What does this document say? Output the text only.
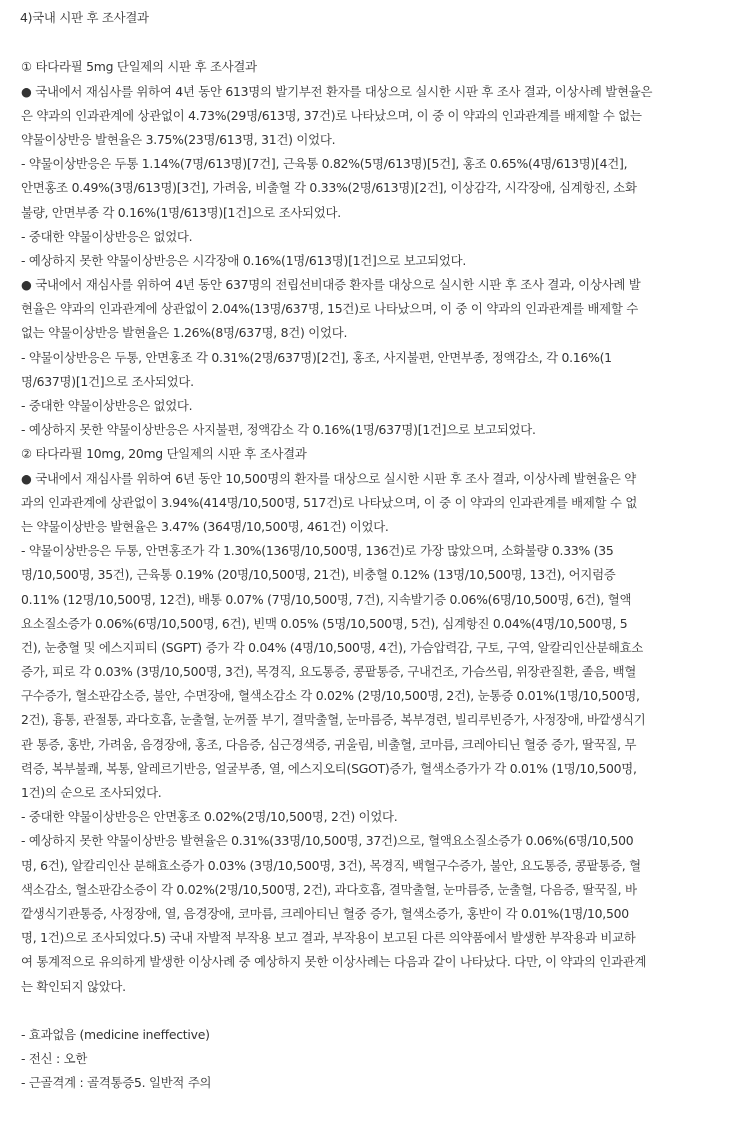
4)국내 시판 후 조사결과
① 타다라필 5mg 단일제의 시판 후 조사결과
● 국내에서 재심사를 위하여 4년 동안 613명의 발기부전 환자를 대상으로 실시한 시판 후 조사 결과, 이상사례 발현율은
은 약과의 인과관계에 상관없이 4.73%(29명/613명, 37건)로 나타났으며, 이 중 이 약과의 인과관계를 배제할 수 없는
약물이상반응 발현율은 3.75%(23명/613명, 31건) 이었다.
- 약물이상반응은 두통 1.14%(7명/613명)[7건], 근육통 0.82%(5명/613명)[5건], 홍조 0.65%(4명/613명)[4건],
안면홍조 0.49%(3명/613명)[3건], 가려움, 비출혈 각 0.33%(2명/613명)[2건], 이상감각, 시각장애, 심계항진, 소화
불량, 안면부종 각 0.16%(1명/613명)[1건]으로 조사되었다.
- 중대한 약물이상반응은 없었다.
- 예상하지 못한 약물이상반응은 시각장애 0.16%(1명/613명)[1건]으로 보고되었다.
● 국내에서 재심사를 위하여 4년 동안 637명의 전립선비대증 환자를 대상으로 실시한 시판 후 조사 결과, 이상사례 발
현율은 약과의 인과관계에 상관없이 2.04%(13명/637명, 15건)로 나타났으며, 이 중 이 약과의 인과관계를 배제할 수
없는 약물이상반응 발현율은 1.26%(8명/637명, 8건) 이었다.
- 약물이상반응은 두통, 안면홍조 각 0.31%(2명/637명)[2건], 홍조, 사지불편, 안면부종, 정액감소, 각 0.16%(1
명/637명)[1건]으로 조사되었다.
- 중대한 약물이상반응은 없었다.
- 예상하지 못한 약물이상반응은 사지불편, 정액감소 각 0.16%(1명/637명)[1건]으로 보고되었다.
② 타다라필 10mg, 20mg 단일제의 시판 후 조사결과
● 국내에서 재심사를 위하여 6년 동안 10,500명의 환자를 대상으로 실시한 시판 후 조사 결과, 이상사례 발현율은 약
과의 인과관계에 상관없이 3.94%(414명/10,500명, 517건)로 나타났으며, 이 중 이 약과의 인과관계를 배제할 수 없
는 약물이상반응 발현율은 3.47% (364명/10,500명, 461건) 이었다.
- 약물이상반응은 두통, 안면홍조가 각 1.30%(136명/10,500명, 136건)로 가장 많았으며, 소화불량 0.33% (35
명/10,500명, 35건), 근육통 0.19% (20명/10,500명, 21건), 비충혈 0.12% (13명/10,500명, 13건), 어지럼증
0.11% (12명/10,500명, 12건), 배통 0.07% (7명/10,500명, 7건), 지속발기증 0.06%(6명/10,500명, 6건), 혈액
요소질소증가 0.06%(6명/10,500명, 6건), 빈맥 0.05% (5명/10,500명, 5건), 심계항진 0.04%(4명/10,500명, 5
건), 눈충혈 및 에스지피티 (SGPT) 증가 각 0.04% (4명/10,500명, 4건), 가슴압력감, 구토, 구역, 알칼리인산분해효소
증가, 피로 각 0.03% (3명/10,500명, 3건), 목경직, 요도통증, 콩팥통증, 구내건조, 가슴쓰림, 위장관질환, 졸음, 백혈
구수증가, 혈소판감소증, 불안, 수면장애, 혈색소감소 각 0.02% (2명/10,500명, 2건), 눈통증 0.01%(1명/10,500명,
2건), 흉통, 관절통, 과다호흡, 눈출혈, 눈꺼풀 부기, 결막출혈, 눈마름증, 복부경련, 빌리루빈증가, 사정장애, 바깥생식기
관 통증, 홍반, 가려움, 음경장애, 홍조, 다음증, 심근경색증, 귀울림, 비출혈, 코마름, 크레아티닌 혈중 증가, 딸꾹질, 무
력증, 복부불쾌, 복통, 알레르기반응, 얼굴부종, 열, 에스지오티(SGOT)증가, 혈색소증가가 각 0.01% (1명/10,500명,
1건)의 순으로 조사되었다.
- 중대한 약물이상반응은 안면홍조 0.02%(2명/10,500명, 2건) 이었다.
- 예상하지 못한 약물이상반응 발현율은 0.31%(33명/10,500명, 37건)으로, 혈액요소질소증가 0.06%(6명/10,500
명, 6건), 알칼리인산 분해효소증가 0.03% (3명/10,500명, 3건), 목경직, 백혈구수증가, 불안, 요도통증, 콩팥통증, 혈
색소감소, 혈소판감소증이 각 0.02%(2명/10,500명, 2건), 과다호흡, 결막출혈, 눈마름증, 눈출혈, 다음증, 딸꾹질, 바
깥생식기관통증, 사정장애, 열, 음경장애, 코마름, 크레아티닌 혈중 증가, 혈색소증가, 홍반이 각 0.01%(1명/10,500
명, 1건)으로 조사되었다.5) 국내 자발적 부작용 보고 결과, 부작용이 보고된 다른 의약품에서 발생한 부작용과 비교하
여 통계적으로 유의하게 발생한 이상사례 중 예상하지 못한 이상사례는 다음과 같이 나타났다. 다만, 이 약과의 인과관계
는 확인되지 않았다.
- 효과없음 (medicine ineffective)
- 전신 : 오한
- 근골격계 : 골격통증5. 일반적 주의
